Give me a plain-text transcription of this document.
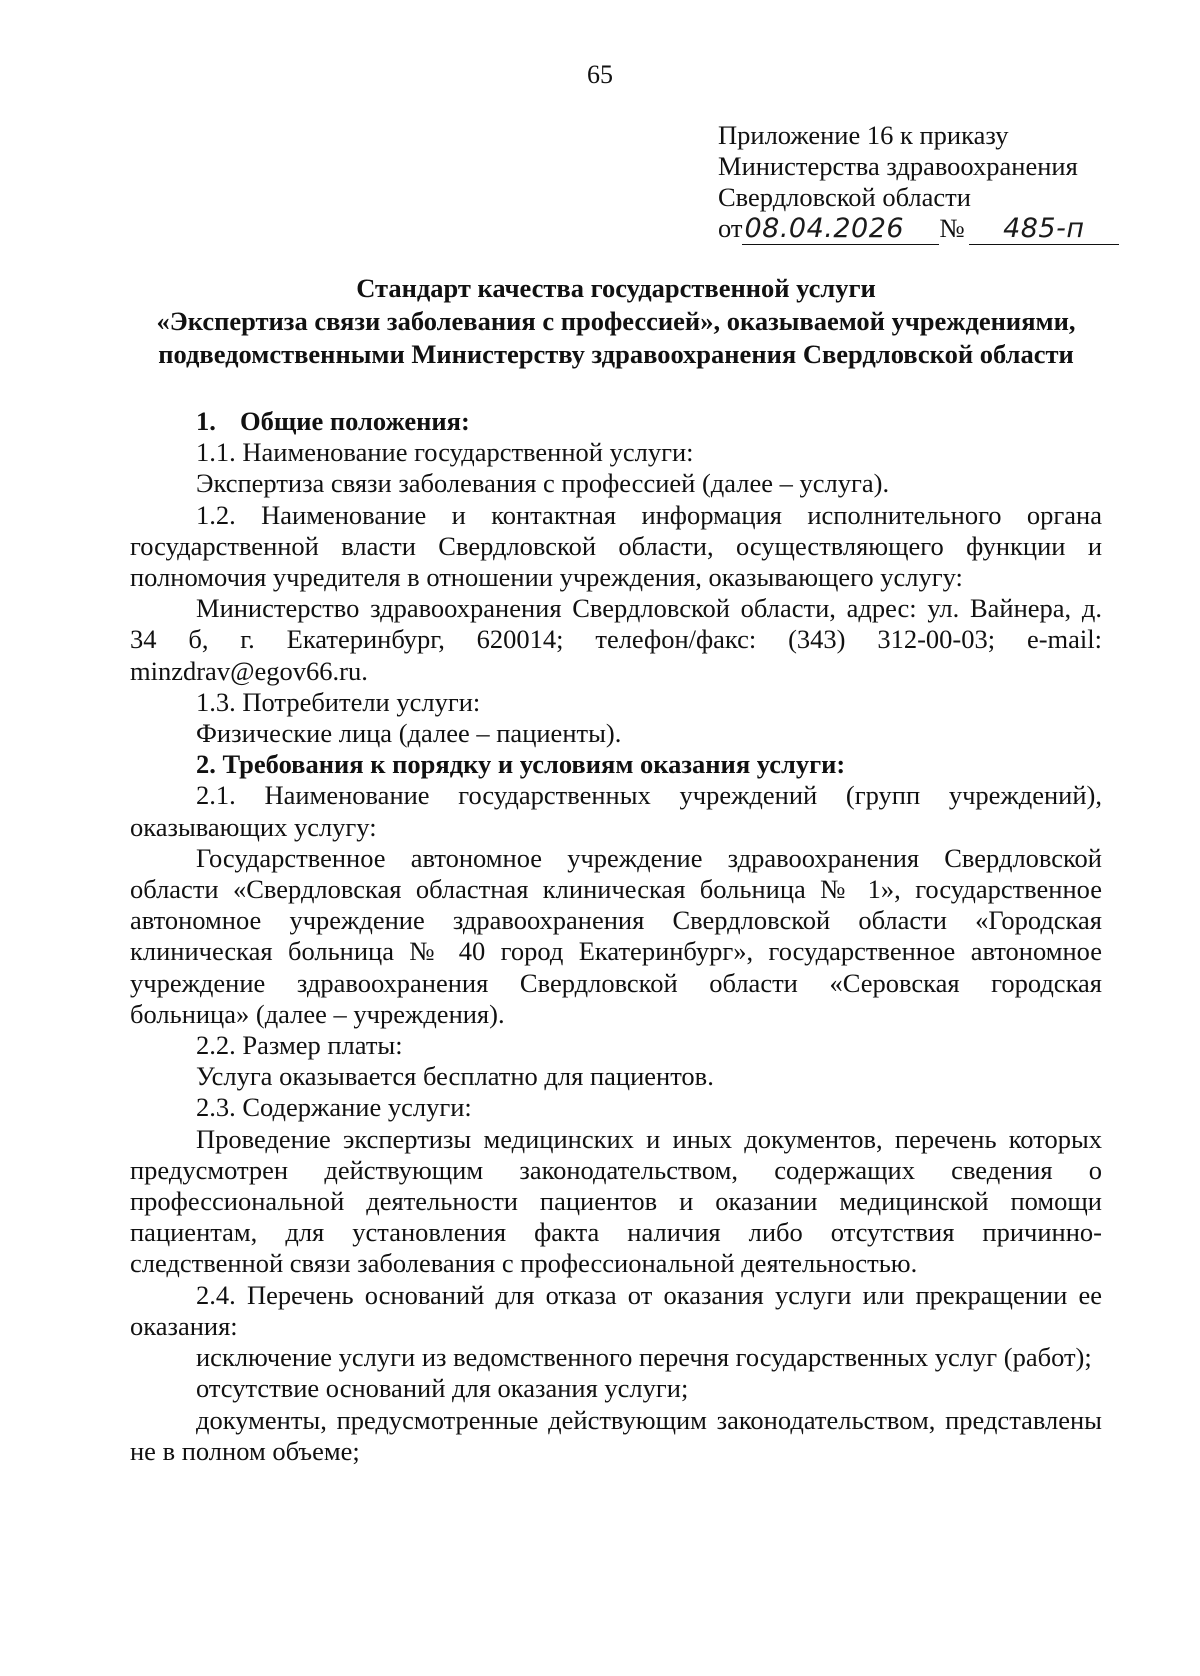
65
Приложение 16 к приказу
Министерства здравоохранения
Свердловской области
от08.04.2026 № 485-п
Стандарт качества государственной услуги
«Экспертиза связи заболевания с профессией», оказываемой учреждениями,
подведомственными Министерству здравоохранения Свердловской области
1. Общие положения:
1.1. Наименование государственной услуги:
Экспертиза связи заболевания с профессией (далее – услуга).
1.2. Наименование и контактная информация исполнительного органа государственной власти Свердловской области, осуществляющего функции и полномочия учредителя в отношении учреждения, оказывающего услугу:
Министерство здравоохранения Свердловской области, адрес: ул. Вайнера, д. 34 б, г. Екатеринбург, 620014; телефон/факс: (343) 312-00-03; e-mail: minzdrav@egov66.ru.
1.3. Потребители услуги:
Физические лица (далее – пациенты).
2. Требования к порядку и условиям оказания услуги:
2.1. Наименование государственных учреждений (групп учреждений), оказывающих услугу:
Государственное автономное учреждение здравоохранения Свердловской области «Свердловская областная клиническая больница № 1», государственное автономное учреждение здравоохранения Свердловской области «Городская клиническая больница № 40 город Екатеринбург», государственное автономное учреждение здравоохранения Свердловской области «Серовская городская больница» (далее – учреждения).
2.2. Размер платы:
Услуга оказывается бесплатно для пациентов.
2.3. Содержание услуги:
Проведение экспертизы медицинских и иных документов, перечень которых предусмотрен действующим законодательством, содержащих сведения о профессиональной деятельности пациентов и оказании медицинской помощи пациентам, для установления факта наличия либо отсутствия причинно-следственной связи заболевания с профессиональной деятельностью.
2.4. Перечень оснований для отказа от оказания услуги или прекращении ее оказания:
исключение услуги из ведомственного перечня государственных услуг (работ);
отсутствие оснований для оказания услуги;
документы, предусмотренные действующим законодательством, представлены не в полном объеме;
